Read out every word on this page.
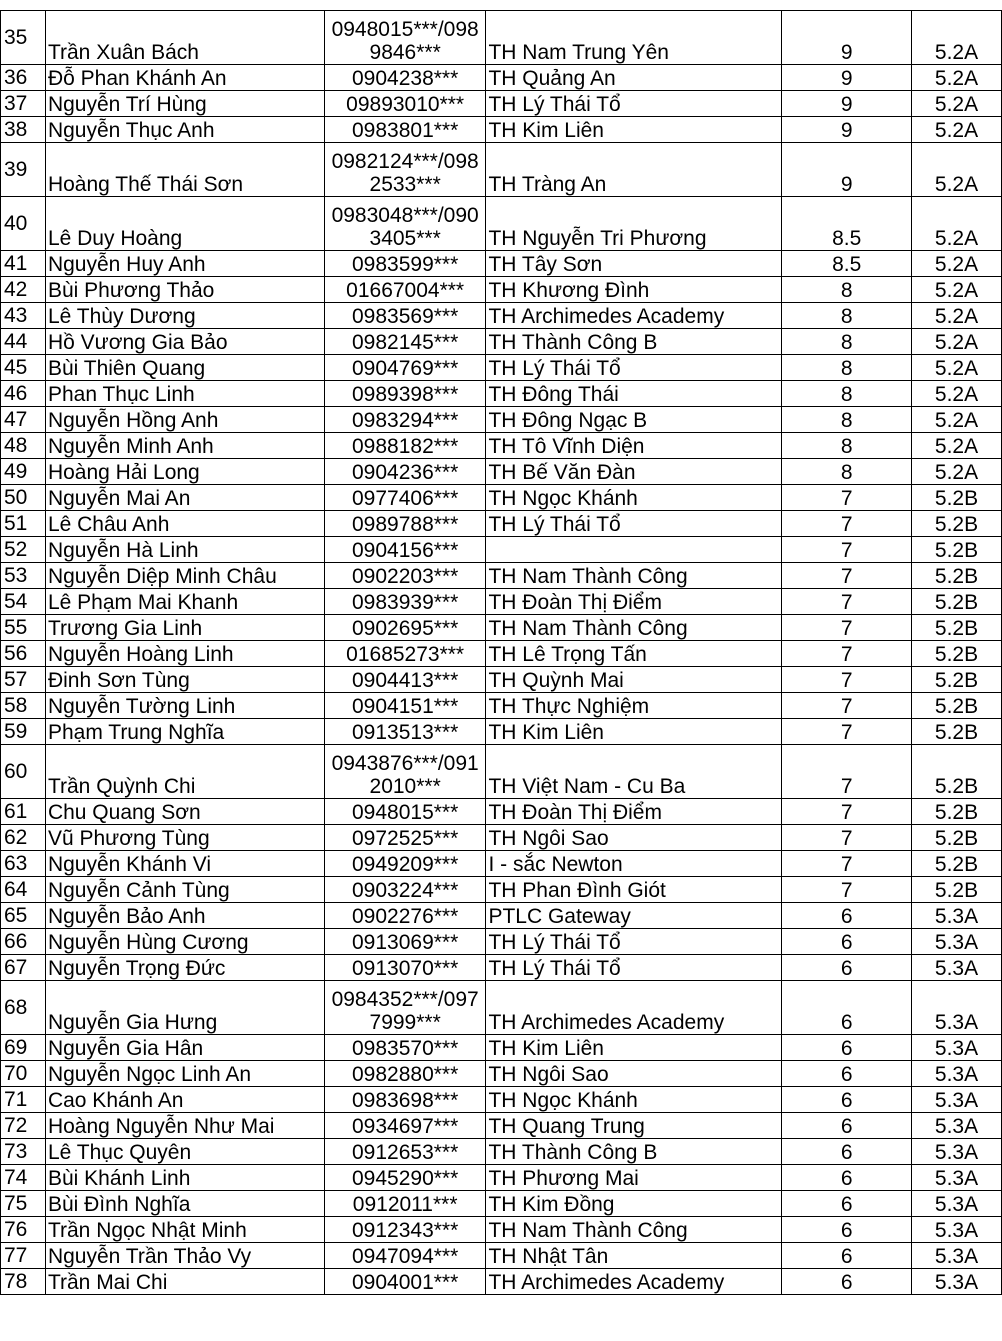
35	Trần Xuân Bách	0948015***/0989846***	TH Nam Trung Yên	9	5.2A
36	Đỗ Phan Khánh An	0904238***	TH Quảng An	9	5.2A
37	Nguyễn Trí Hùng	09893010***	TH Lý Thái Tổ	9	5.2A
38	Nguyễn Thục Anh	0983801***	TH Kim Liên	9	5.2A
39	Hoàng Thế Thái Sơn	0982124***/0982533***	TH Tràng An	9	5.2A
40	Lê Duy Hoàng	0983048***/0903405***	TH Nguyễn Tri Phương	8.5	5.2A
41	Nguyễn Huy Anh	0983599***	TH Tây Sơn	8.5	5.2A
42	Bùi Phương Thảo	01667004***	TH Khương Đình	8	5.2A
43	Lê Thùy Dương	0983569***	TH Archimedes Academy	8	5.2A
44	Hồ Vương Gia Bảo	0982145***	TH Thành Công B	8	5.2A
45	Bùi Thiên Quang	0904769***	TH Lý Thái Tổ	8	5.2A
46	Phan Thục Linh	0989398***	TH Đông Thái	8	5.2A
47	Nguyễn Hồng Anh	0983294***	TH Đông Ngạc B	8	5.2A
48	Nguyễn Minh Anh	0988182***	TH Tô Vĩnh Diện	8	5.2A
49	Hoàng Hải Long	0904236***	TH Bế Văn Đàn	8	5.2A
50	Nguyễn Mai An	0977406***	TH Ngọc Khánh	7	5.2B
51	Lê Châu Anh	0989788***	TH Lý Thái Tổ	7	5.2B
52	Nguyễn Hà Linh	0904156***		7	5.2B
53	Nguyễn Diệp Minh Châu	0902203***	TH Nam Thành Công	7	5.2B
54	Lê Phạm Mai Khanh	0983939***	TH Đoàn Thị Điểm	7	5.2B
55	Trương Gia Linh	0902695***	TH Nam Thành Công	7	5.2B
56	Nguyễn Hoàng Linh	01685273***	TH Lê Trọng Tấn	7	5.2B
57	Đinh Sơn Tùng	0904413***	TH Quỳnh Mai	7	5.2B
58	Nguyễn Tường Linh	0904151***	TH Thực Nghiệm	7	5.2B
59	Phạm Trung Nghĩa	0913513***	TH Kim Liên	7	5.2B
60	Trần Quỳnh Chi	0943876***/0912010***	TH Việt Nam - Cu Ba	7	5.2B
61	Chu Quang Sơn	0948015***	TH Đoàn Thị Điểm	7	5.2B
62	Vũ Phương Tùng	0972525***	TH Ngôi Sao	7	5.2B
63	Nguyễn Khánh Vi	0949209***	I - sắc Newton	7	5.2B
64	Nguyễn Cảnh Tùng	0903224***	TH Phan Đình Giót	7	5.2B
65	Nguyễn Bảo Anh	0902276***	PTLC Gateway	6	5.3A
66	Nguyễn Hùng Cương	0913069***	TH Lý Thái Tổ	6	5.3A
67	Nguyễn Trọng Đức	0913070***	TH Lý Thái Tổ	6	5.3A
68	Nguyễn Gia Hưng	0984352***/0977999***	TH Archimedes Academy	6	5.3A
69	Nguyễn Gia Hân	0983570***	TH Kim Liên	6	5.3A
70	Nguyễn Ngọc Linh An	0982880***	TH Ngôi Sao	6	5.3A
71	Cao Khánh An	0983698***	TH Ngọc Khánh	6	5.3A
72	Hoàng Nguyễn Như Mai	0934697***	TH Quang Trung	6	5.3A
73	Lê Thục Quyên	0912653***	TH Thành Công B	6	5.3A
74	Bùi Khánh Linh	0945290***	TH Phương Mai	6	5.3A
75	Bùi Đình Nghĩa	0912011***	TH Kim Đồng	6	5.3A
76	Trần Ngọc Nhật Minh	0912343***	TH Nam Thành Công	6	5.3A
77	Nguyễn Trần Thảo Vy	0947094***	TH Nhật Tân	6	5.3A
78	Trần Mai Chi	0904001***	TH Archimedes Academy	6	5.3A
